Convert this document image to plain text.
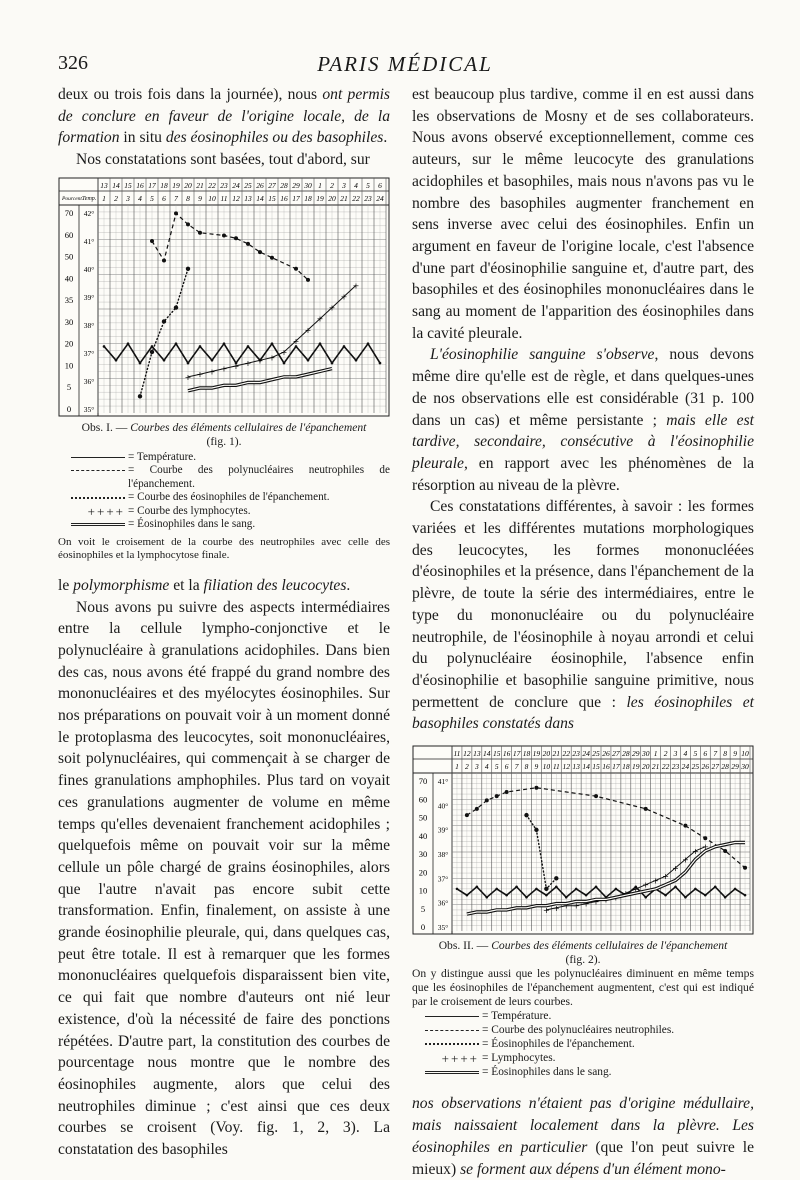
326	PARIS MÉDICAL

deux ou trois fois dans la journée), nous ont permis de conclure en faveur de l'origine locale, de la formation in situ des éosinophiles ou des basophiles.

Nos constatations sont basées, tout d'abord, sur

13 14 15 16 17 18 19 20 21 22 23 24 25 26 27 28 29 30 1 2 3 4 5 6
1 2 3 4 5 6 7 8 9 10 11 12 13 14 15 16 17 18 19 20 21 22 23 24
Pourcent.
Temp.
70
60
50
40
35
30
20
10
5
0
42°
41°
40°
39°
38°
37°
36°
35°
+ + + + + + + +
+
+
+
+
+
+
+
Obs. I. — Courbes des éléments cellulaires de l'épanchement
(fig. 1).
= Température.
= Courbe des polynucléaires neutrophiles de l'épanchement.
= Courbe des éosinophiles de l'épanchement.
++++ = Courbe des lymphocytes.
= Éosinophiles dans le sang.
On voit le croisement de la courbe des neutrophiles avec celle des éosinophiles et la lymphocytose finale.

le polymorphisme et la filiation des leucocytes.

Nous avons pu suivre des aspects intermédiaires entre la cellule lympho-conjonctive et le polynucléaire à granulations acidophiles. Dans bien des cas, nous avons été frappé du grand nombre des mononucléaires et des myélocytes éosinophiles. Sur nos préparations on pouvait voir à un moment donné le protoplasma des leucocytes, soit mononucléaires, soit polynucléaires, qui commençait à se charger de fines granulations amphophiles. Plus tard on voyait ces granulations augmenter de volume en même temps qu'elles devenaient franchement acidophiles ; quelquefois même on pouvait voir sur la même cellule un pôle chargé de grains éosinophiles, alors que l'autre n'avait pas encore subit cette transformation. Enfin, finalement, on assiste à une grande éosinophilie pleurale, qui, dans quelques cas, peut être totale. Il est à remarquer que les formes mononucléaires quelquefois disparaissent bien vite, ce qui fait que nombre d'auteurs ont nié leur existence, d'où la nécessité de faire des ponctions répétées. D'autre part, la constitution des courbes de pourcentage nous montre que le nombre des éosinophiles augmente, alors que celui des neutrophiles diminue ; c'est ainsi que ces deux courbes se croisent (Voy. fig. 1, 2, 3). La constatation des basophiles

est beaucoup plus tardive, comme il en est aussi dans les observations de Mosny et de ses collaborateurs. Nous avons observé exceptionnellement, comme ces auteurs, sur le même leucocyte des granulations acidophiles et basophiles, mais nous n'avons pas vu le nombre des basophiles augmenter franchement en sens inverse avec celui des éosinophiles. Enfin un argument en faveur de l'origine locale, c'est l'absence d'une part d'éosinophilie sanguine et, d'autre part, des basophiles et des éosinophiles mononucléaires dans le sang au moment de l'apparition des éosinophiles dans la cavité pleurale.

L'éosinophilie sanguine s'observe, nous devons même dire qu'elle est de règle, et dans quelques-unes de nos observations elle est considérable (31 p. 100 dans un cas) et même persistante ; mais elle est tardive, secondaire, consécutive à l'éosinophilie pleurale, en rapport avec les phénomènes de la résorption au niveau de la plèvre.

Ces constatations différentes, à savoir : les formes variées et les différentes mutations morphologiques des leucocytes, les formes mononucléées d'éosinophiles et la présence, dans l'épanchement de la plèvre, de toute la série des intermédiaires, entre le type du mononucléaire ou du polynucléaire neutrophile, de l'éosinophile à noyau arrondi et celui du polynucléaire éosinophile, l'absence enfin d'éosinophilie et basophilie sanguine primitive, nous permettent de conclure que : les éosinophiles et basophiles constatés dans

11 12 13 14 15 16 17 18 19 20 21 22 23 24 25 26 27 28 29 30 1 2 3 4 5 6 7 8 9 10
1 2 3 4 5 6 7 8 9 10 11 12 13 14 15 16 17 18 19 20 21 22 23 24 25 26 27 28 29 30
70
60
50
40
30
20
10
5
0
41°
40°
39°
38°
37°
36°
35°
+ + + + + + + + + + + + +
+
+
+ +
Obs. II. — Courbes des éléments cellulaires de l'épanchement
(fig. 2).
On y distingue aussi que les polynucléaires diminuent en même temps que les éosinophiles de l'épanchement augmentent, c'est qui est indiqué par le croisement de leurs courbes.
= Température.
= Courbe des polynucléaires neutrophiles.
= Éosinophiles de l'épanchement.
++++ = Lymphocytes.
= Éosinophiles dans le sang.

nos observations n'étaient pas d'origine médullaire, mais naissaient localement dans la plèvre. Les éosinophiles en particulier (que l'on peut suivre le mieux) se forment aux dépens d'un élément mono-
